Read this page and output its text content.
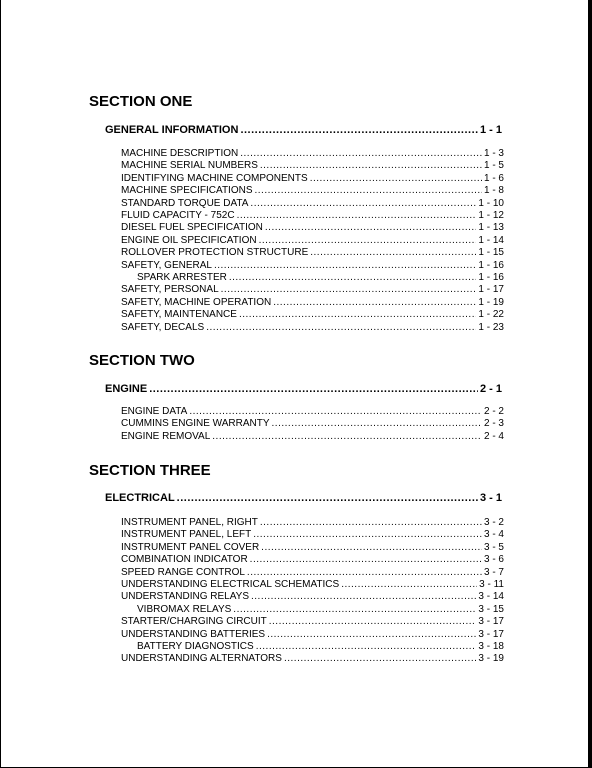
SECTION ONE
GENERAL INFORMATION .....	1 - 1
MACHINE DESCRIPTION .....	1 - 3
MACHINE SERIAL NUMBERS .....	1 - 5
IDENTIFYING MACHINE COMPONENTS .....	1 - 6
MACHINE SPECIFICATIONS .....	1 - 8
STANDARD TORQUE DATA .....	1 - 10
FLUID CAPACITY - 752C .....	1 - 12
DIESEL FUEL SPECIFICATION .....	1 - 13
ENGINE OIL SPECIFICATION .....	1 - 14
ROLLOVER PROTECTION STRUCTURE .....	1 - 15
SAFETY, GENERAL .....	1 - 16
SPARK ARRESTER .....	1 - 16
SAFETY, PERSONAL .....	1 - 17
SAFETY, MACHINE OPERATION .....	1 - 19
SAFETY, MAINTENANCE .....	1 - 22
SAFETY, DECALS .....	1 - 23
SECTION TWO
ENGINE .....	2 - 1
ENGINE DATA .....	2 - 2
CUMMINS ENGINE WARRANTY .....	2 - 3
ENGINE REMOVAL .....	2 - 4
SECTION THREE
ELECTRICAL .....	3 - 1
INSTRUMENT PANEL, RIGHT .....	3 - 2
INSTRUMENT PANEL, LEFT .....	3 - 4
INSTRUMENT PANEL COVER .....	3 - 5
COMBINATION INDICATOR .....	3 - 6
SPEED RANGE CONTROL .....	3 - 7
UNDERSTANDING ELECTRICAL SCHEMATICS .....	3 - 11
UNDERSTANDING RELAYS .....	3 - 14
VIBROMAX RELAYS .....	3 - 15
STARTER/CHARGING CIRCUIT .....	3 - 17
UNDERSTANDING BATTERIES .....	3 - 17
BATTERY DIAGNOSTICS .....	3 - 18
UNDERSTANDING ALTERNATORS .....	3 - 19
